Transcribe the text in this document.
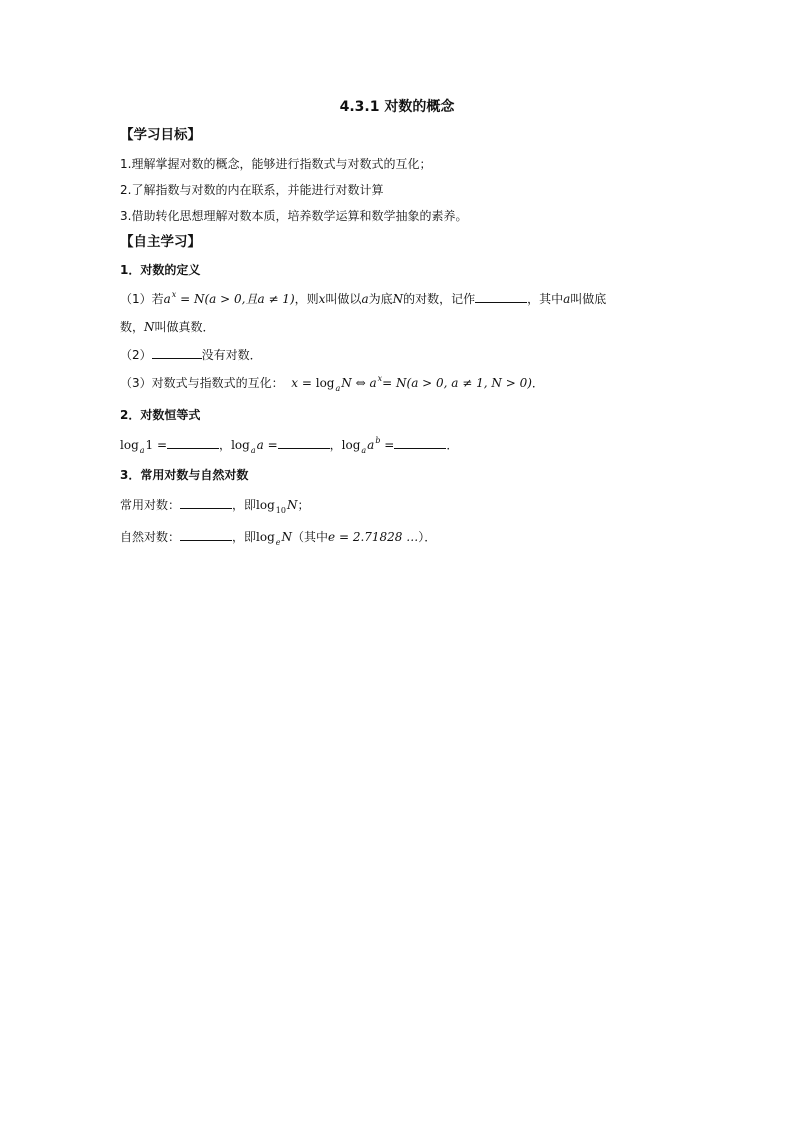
4.3.1 对数的概念
【学习目标】
1.理解掌握对数的概念，能够进行指数式与对数式的互化；
2.了解指数与对数的内在联系，并能进行对数计算
3.借助转化思想理解对数本质，培养数学运算和数学抽象的素养。
【自主学习】
1．对数的定义
（1）若$a^x = N(a > 0$,且a ≠ 1)，则x叫做以a为底N的对数，记作	，其中a叫做底
数，N叫做真数．
（2）	没有对数．
（3）对数式与指数式的互化： $x = \log_aN$ ⇔ $a^x= N(a > 0$, a ≠ 1, N > 0)．
2．对数恒等式
$\log_a1$ =	，$\log_aa$ =	，$\log_aa^b$ =	．
3．常用对数与自然对数
常用对数：	，即$\log_{10}N$；
自然对数：	，即$\log_eN$（其中e = 2.71828 …）．
